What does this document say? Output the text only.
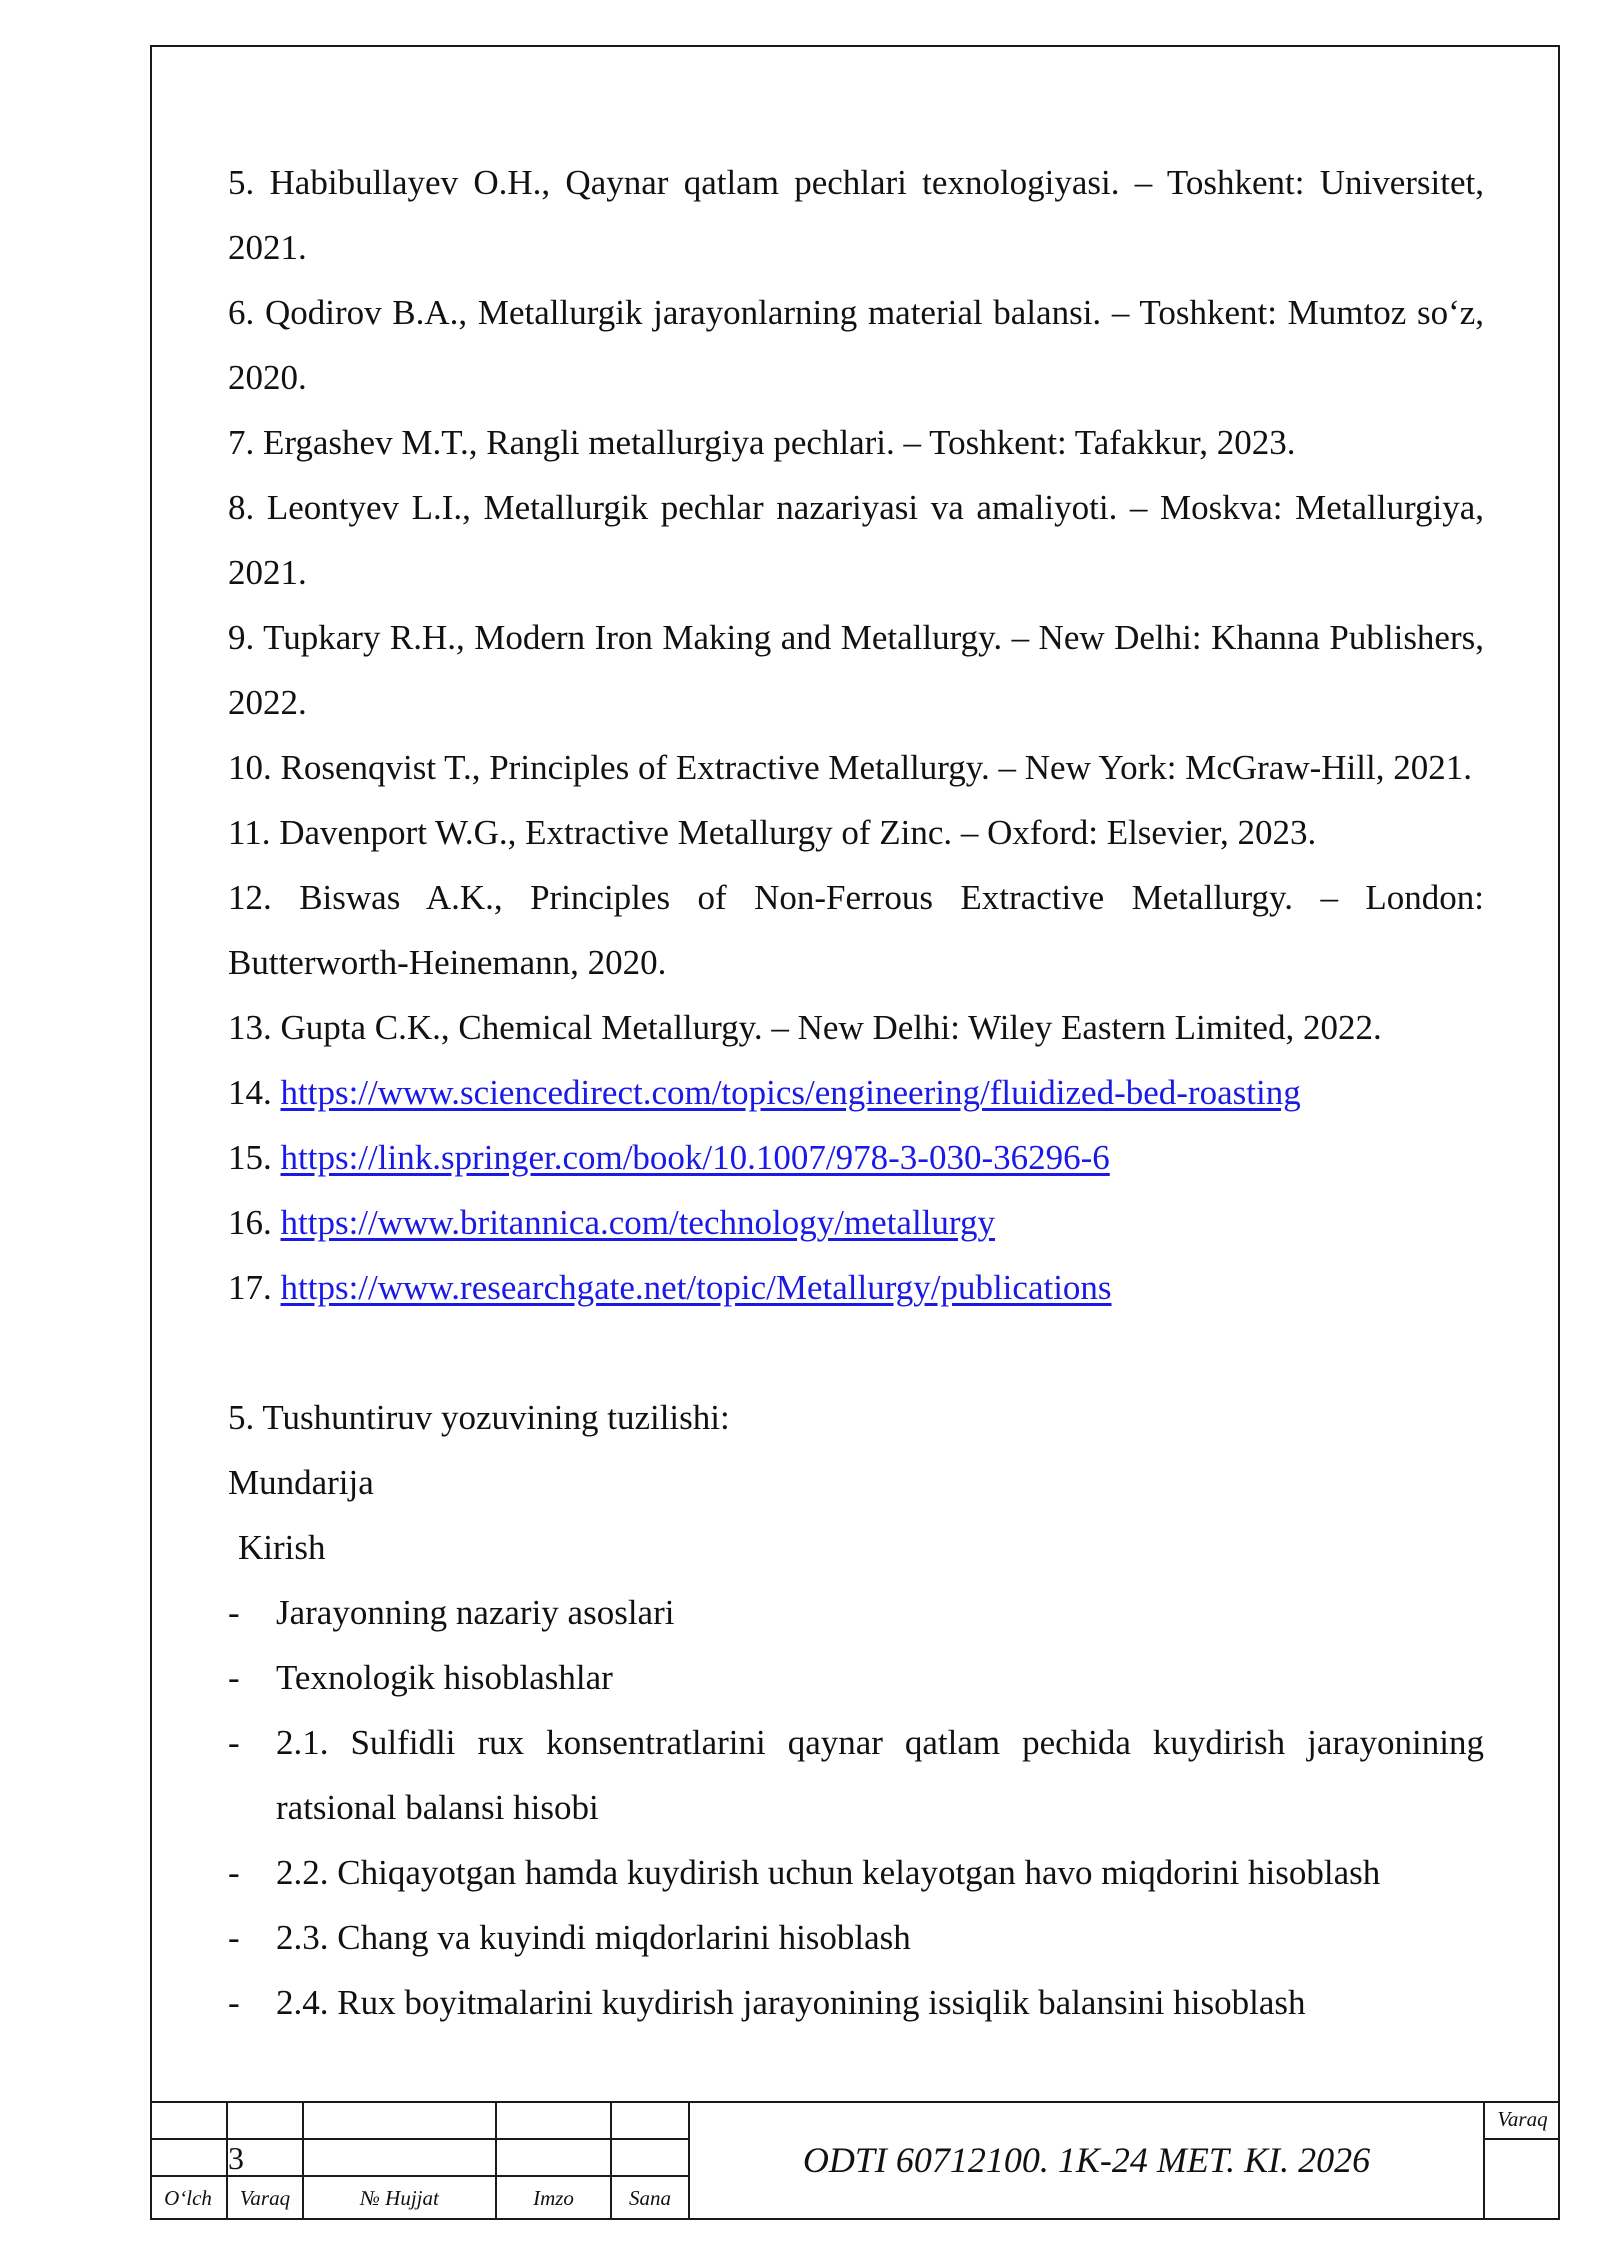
5. Habibullayev O.H., Qaynar qatlam pechlari texnologiyasi. – Toshkent: Universitet, 2021.

6. Qodirov B.A., Metallurgik jarayonlarning material balansi. – Toshkent: Mumtoz so‘z, 2020.

7. Ergashev M.T., Rangli metallurgiya pechlari. – Toshkent: Tafakkur, 2023.

8. Leontyev L.I., Metallurgik pechlar nazariyasi va amaliyoti. – Moskva: Metallurgiya, 2021.

9. Tupkary R.H., Modern Iron Making and Metallurgy. – New Delhi: Khanna Publishers, 2022.

10. Rosenqvist T., Principles of Extractive Metallurgy. – New York: McGraw-Hill, 2021.

11. Davenport W.G., Extractive Metallurgy of Zinc. – Oxford: Elsevier, 2023.

12. Biswas A.K., Principles of Non-Ferrous Extractive Metallurgy. – London: Butterworth-Heinemann, 2020.

13. Gupta C.K., Chemical Metallurgy. – New Delhi: Wiley Eastern Limited, 2022.

14. https://www.sciencedirect.com/topics/engineering/fluidized-bed-roasting

15. https://link.springer.com/book/10.1007/978-3-030-36296-6

16. https://www.britannica.com/technology/metallurgy

17. https://www.researchgate.net/topic/Metallurgy/publications

5. Tushuntiruv yozuvining tuzilishi:

Mundarija

Kirish

- Jarayonning nazariy asoslari
- Texnologik hisoblashlar
- 2.1. Sulfidli rux konsentratlarini qaynar qatlam pechida kuydirish jarayonining ratsional balansi hisobi
- 2.2. Chiqayotgan hamda kuydirish uchun kelayotgan havo miqdorini hisoblash
- 2.3. Chang va kuyindi miqdorlarini hisoblash
- 2.4. Rux boyitmalarini kuydirish jarayonining issiqlik balansini hisoblash
3
O‘lch	Varaq	№ Hujjat	Imzo	Sana
ODTI 60712100. 1K-24 MET. KI. 2026
Varaq
